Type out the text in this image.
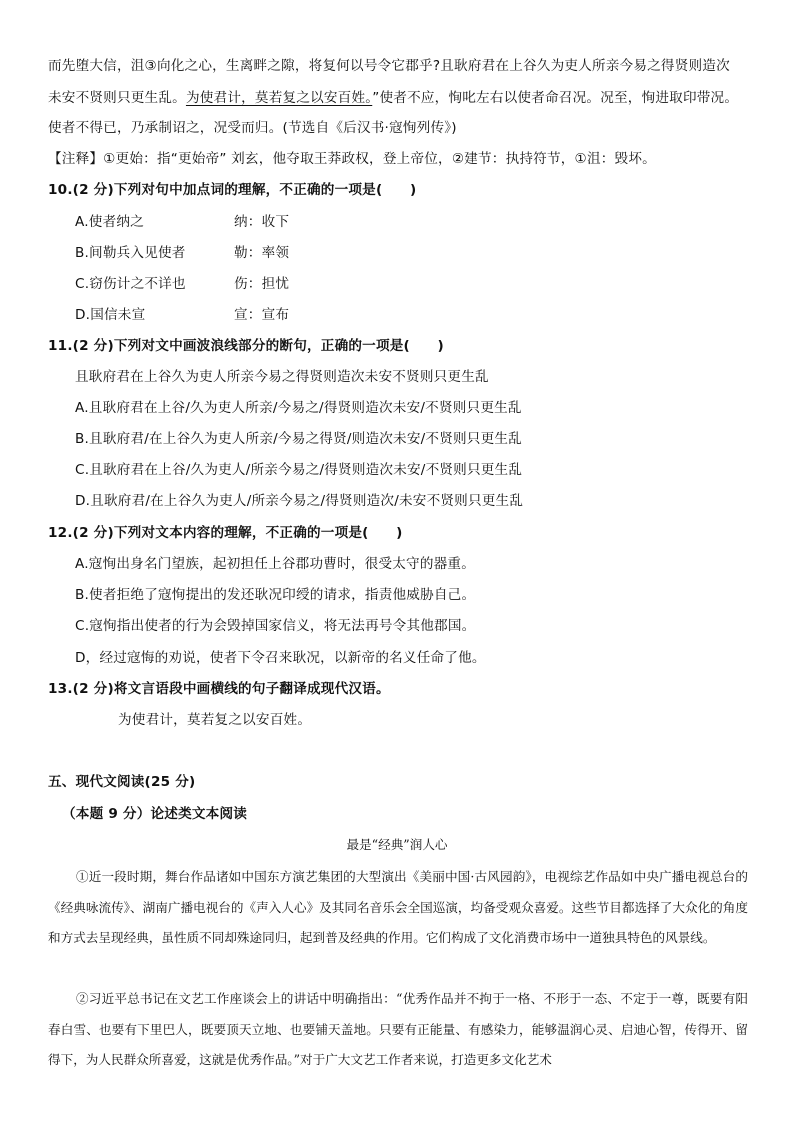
而先堕大信，沮③向化之心，生离畔之隙，将复何以号令它郡乎?且耿府君在上谷久为吏人所亲今易之得贤则造次
未安不贤则只更生乱。为使君计，莫若复之以安百姓。”使者不应，恂叱左右以使者命召况。况至，恂进取印带况。
使者不得已，乃承制诏之，况受而归。(节选自《后汉书·寇恂列传》)
【注释】①更始：指“更始帝” 刘玄，他夺取王莽政权，登上帝位，②建节：执持符节，①沮：毁坏。
10.(2 分)下列对句中加点词的理解，不正确的一项是(　　)
A.使者纳之	纳：收下
B.间勒兵入见使者	勒：率领
C.窃伤计之不详也	伤：担忧
D.国信未宣	宣：宣布
11.(2 分)下列对文中画波浪线部分的断句，正确的一项是(　　)
且耿府君在上谷久为吏人所亲今易之得贤则造次未安不贤则只更生乱
A.且耿府君在上谷/久为吏人所亲/今易之/得贤则造次未安/不贤则只更生乱
B.且耿府君/在上谷久为吏人所亲/今易之得贤/则造次未安/不贤则只更生乱
C.且耿府君在上谷/久为吏人/所亲今易之/得贤则造次未安/不贤则只更生乱
D.且耿府君/在上谷久为吏人/所亲今易之/得贤则造次/未安不贤则只更生乱
12.(2 分)下列对文本内容的理解，不正确的一项是(　　)
A.寇恂出身名门望族，起初担任上谷郡功曹时，很受太守的器重。
B.使者拒绝了寇恂提出的发还耿况印绶的请求，指责他威胁自己。
C.寇恂指出使者的行为会毁掉国家信义，将无法再号令其他郡国。
D，经过寇悔的劝说，使者下令召来耿况，以新帝的名义任命了他。
13.(2 分)将文言语段中画横线的句子翻译成现代汉语。
为使君计，莫若复之以安百姓。
五、现代文阅读(25 分)
（本题 9 分）论述类文本阅读
最是“经典”润人心
①近一段时期，舞台作品诸如中国东方演艺集团的大型演出《美丽中国·古风园韵》，电视综艺作品如中央广播电视总台的《经典咏流传》、湖南广播电视台的《声入人心》及其同名音乐会全国巡演，均备受观众喜爱。这些节目都选择了大众化的角度和方式去呈现经典，虽性质不同却殊途同归，起到普及经典的作用。它们构成了文化消费市场中一道独具特色的风景线。
②习近平总书记在文艺工作座谈会上的讲话中明确指出：“优秀作品并不拘于一格、不形于一态、不定于一尊，既要有阳春白雪、也要有下里巴人，既要顶天立地、也要铺天盖地。只要有正能量、有感染力，能够温润心灵、启迪心智，传得开、留得下，为人民群众所喜爱，这就是优秀作品。”对于广大文艺工作者来说，打造更多文化艺术
